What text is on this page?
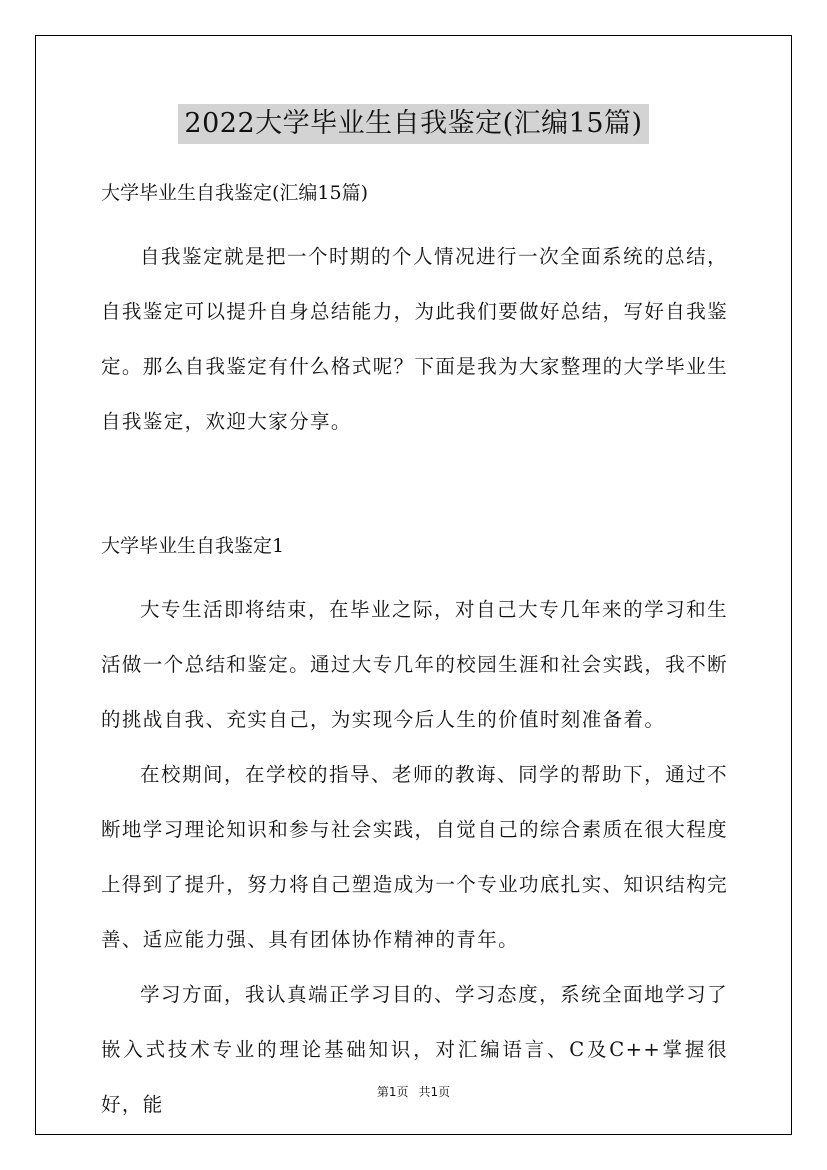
2022大学毕业生自我鉴定(汇编15篇)

大学毕业生自我鉴定(汇编15篇)

自我鉴定就是把一个时期的个人情况进行一次全面系统的总结，自我鉴定可以提升自身总结能力，为此我们要做好总结，写好自我鉴定。那么自我鉴定有什么格式呢？下面是我为大家整理的大学毕业生自我鉴定，欢迎大家分享。

大学毕业生自我鉴定1

大专生活即将结束，在毕业之际，对自己大专几年来的学习和生活做一个总结和鉴定。通过大专几年的校园生涯和社会实践，我不断的挑战自我、充实自己，为实现今后人生的价值时刻准备着。

在校期间，在学校的指导、老师的教诲、同学的帮助下，通过不断地学习理论知识和参与社会实践，自觉自己的综合素质在很大程度上得到了提升，努力将自己塑造成为一个专业功底扎实、知识结构完善、适应能力强、具有团体协作精神的青年。

学习方面，我认真端正学习目的、学习态度，系统全面地学习了嵌入式技术专业的理论基础知识，对汇编语言、C及C++掌握很好，能

第1页 共1页
